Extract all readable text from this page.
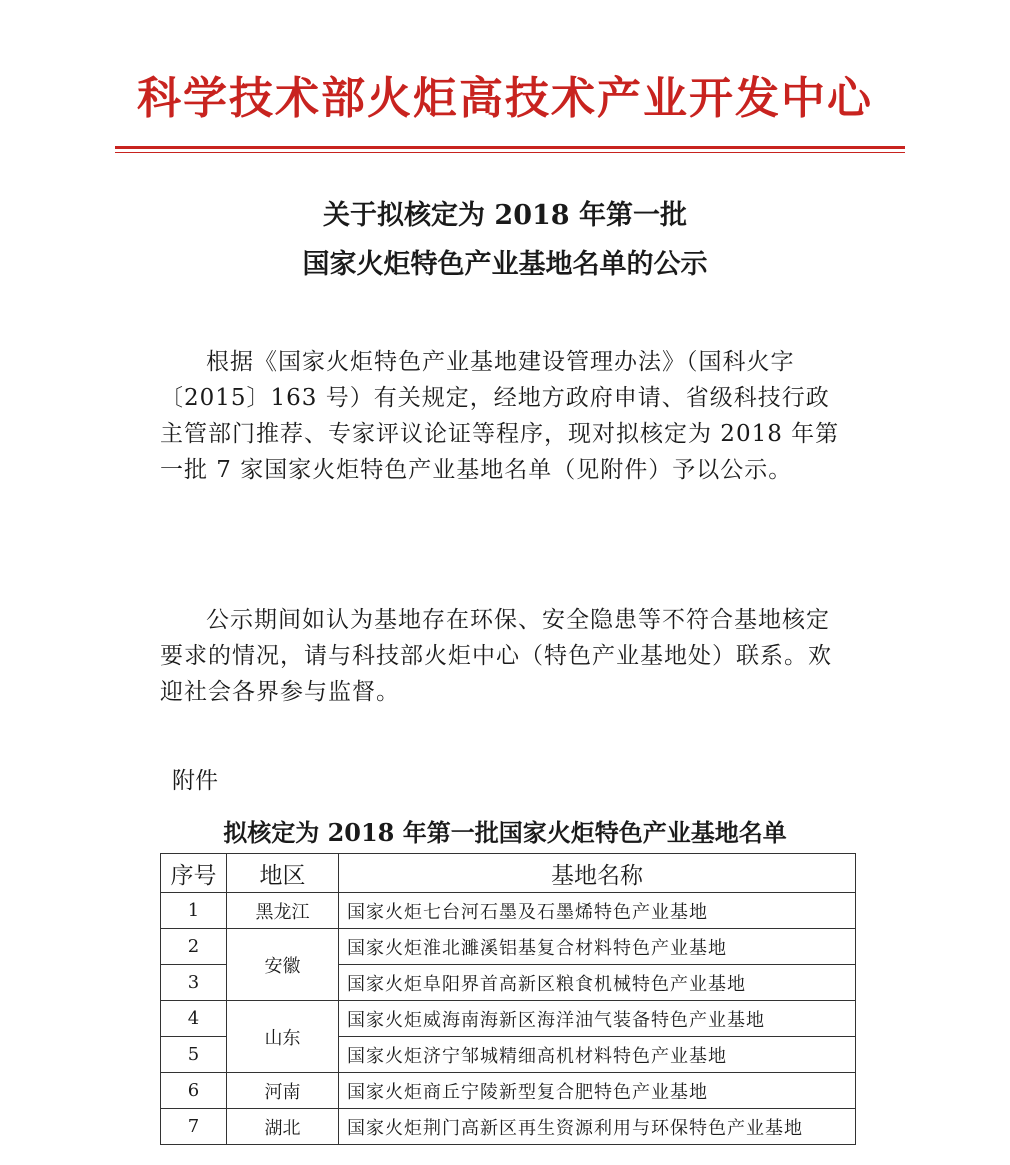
科学技术部火炬高技术产业开发中心
关于拟核定为 2018 年第一批
国家火炬特色产业基地名单的公示

根据《国家火炬特色产业基地建设管理办法》（国科火字〔2015〕163 号）有关规定，经地方政府申请、省级科技行政主管部门推荐、专家评议论证等程序，现对拟核定为 2018 年第一批 7 家国家火炬特色产业基地名单（见附件）予以公示。

公示期间如认为基地存在环保、安全隐患等不符合基地核定要求的情况，请与科技部火炬中心（特色产业基地处）联系。欢迎社会各界参与监督。

附件
拟核定为 2018 年第一批国家火炬特色产业基地名单
序号	地区	基地名称
1	黑龙江	国家火炬七台河石墨及石墨烯特色产业基地
2	安徽	国家火炬淮北濉溪铝基复合材料特色产业基地
3		国家火炬阜阳界首高新区粮食机械特色产业基地
4	山东	国家火炬威海南海新区海洋油气装备特色产业基地
5		国家火炬济宁邹城精细高机材料特色产业基地
6	河南	国家火炬商丘宁陵新型复合肥特色产业基地
7	湖北	国家火炬荆门高新区再生资源利用与环保特色产业基地
